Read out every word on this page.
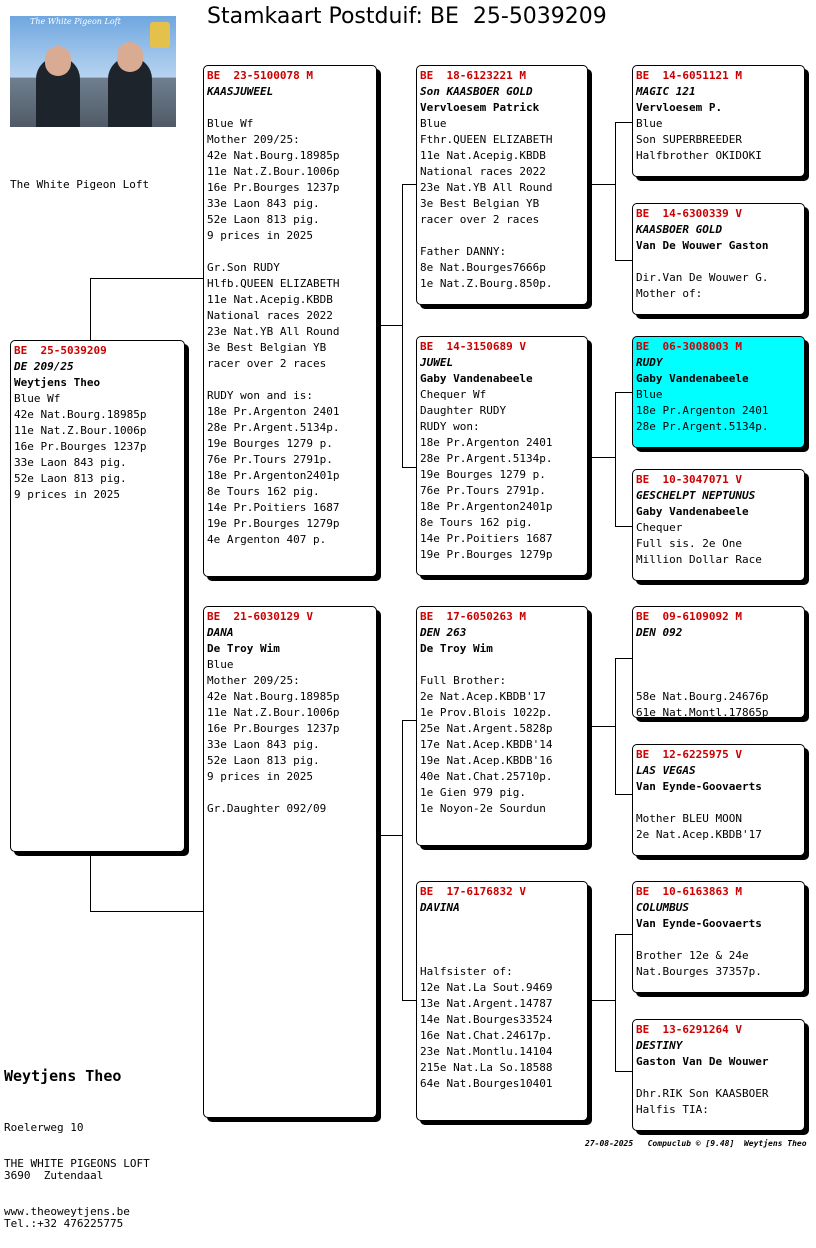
Stamkaart Postduif: BE  25-5039209
The White Pigeon Loft
The White Pigeon Loft
BE  25-5039209
DE 209/25
Weytjens Theo
Blue Wf
42e Nat.Bourg.18985p
11e Nat.Z.Bour.1006p
16e Pr.Bourges 1237p
33e Laon 843 pig.
52e Laon 813 pig.
9 prices in 2025
BE  23-5100078 M
KAASJUWEEL
Blue Wf
Mother 209/25:
42e Nat.Bourg.18985p
11e Nat.Z.Bour.1006p
16e Pr.Bourges 1237p
33e Laon 843 pig.
52e Laon 813 pig.
9 prices in 2025
Gr.Son RUDY
Hlfb.QUEEN ELIZABETH
11e Nat.Acepig.KBDB
National races 2022
23e Nat.YB All Round
3e Best Belgian YB
racer over 2 races
RUDY won and is:
18e Pr.Argenton 2401
28e Pr.Argent.5134p.
19e Bourges 1279 p.
76e Pr.Tours 2791p.
18e Pr.Argenton2401p
8e Tours 162 pig.
14e Pr.Poitiers 1687
19e Pr.Bourges 1279p
4e Argenton 407 p.
BE  21-6030129 V
DANA
De Troy Wim
Blue
Mother 209/25:
42e Nat.Bourg.18985p
11e Nat.Z.Bour.1006p
16e Pr.Bourges 1237p
33e Laon 843 pig.
52e Laon 813 pig.
9 prices in 2025
Gr.Daughter 092/09
BE  18-6123221 M
Son KAASBOER GOLD
Vervloesem Patrick
Blue
Fthr.QUEEN ELIZABETH
11e Nat.Acepig.KBDB
National races 2022
23e Nat.YB All Round
3e Best Belgian YB
racer over 2 races
Father DANNY:
8e Nat.Bourges7666p
1e Nat.Z.Bourg.850p.
BE  14-3150689 V
JUWEL
Gaby Vandenabeele
Chequer Wf
Daughter RUDY
RUDY won:
18e Pr.Argenton 2401
28e Pr.Argent.5134p.
19e Bourges 1279 p.
76e Pr.Tours 2791p.
18e Pr.Argenton2401p
8e Tours 162 pig.
14e Pr.Poitiers 1687
19e Pr.Bourges 1279p
BE  17-6050263 M
DEN 263
De Troy Wim
Full Brother:
2e Nat.Acep.KBDB'17
1e Prov.Blois 1022p.
25e Nat.Argent.5828p
17e Nat.Acep.KBDB'14
19e Nat.Acep.KBDB'16
40e Nat.Chat.25710p.
1e Gien 979 pig.
1e Noyon-2e Sourdun
BE  17-6176832 V
DAVINA
Halfsister of:
12e Nat.La Sout.9469
13e Nat.Argent.14787
14e Nat.Bourges33524
16e Nat.Chat.24617p.
23e Nat.Montlu.14104
215e Nat.La So.18588
64e Nat.Bourges10401
BE  14-6051121 M
MAGIC 121
Vervloesem P.
Blue
Son SUPERBREEDER
Halfbrother OKIDOKI
BE  14-6300339 V
KAASBOER GOLD
Van De Wouwer Gaston
Dir.Van De Wouwer G.
Mother of:
BE  06-3008003 M
RUDY
Gaby Vandenabeele
Blue
18e Pr.Argenton 2401
28e Pr.Argent.5134p.
BE  10-3047071 V
GESCHELPT NEPTUNUS
Gaby Vandenabeele
Chequer
Full sis. 2e One
Million Dollar Race
BE  09-6109092 M
DEN 092
58e Nat.Bourg.24676p
61e Nat.Montl.17865p
BE  12-6225975 V
LAS VEGAS
Van Eynde-Goovaerts
Mother BLEU MOON
2e Nat.Acep.KBDB'17
BE  10-6163863 M
COLUMBUS
Van Eynde-Goovaerts
Brother 12e & 24e
Nat.Bourges 37357p.
BE  13-6291264 V
DESTINY
Gaston Van De Wouwer
Dhr.RIK Son KAASBOER
Halfis TIA:

Weytjens Theo

Roelerweg 10

3690  Zutendaal

Tel.:+32 476225775

THE WHITE PIGEONS LOFT

www.theoweytjens.be

27-08-2025   Compuclub © [9.48]  Weytjens Theo
